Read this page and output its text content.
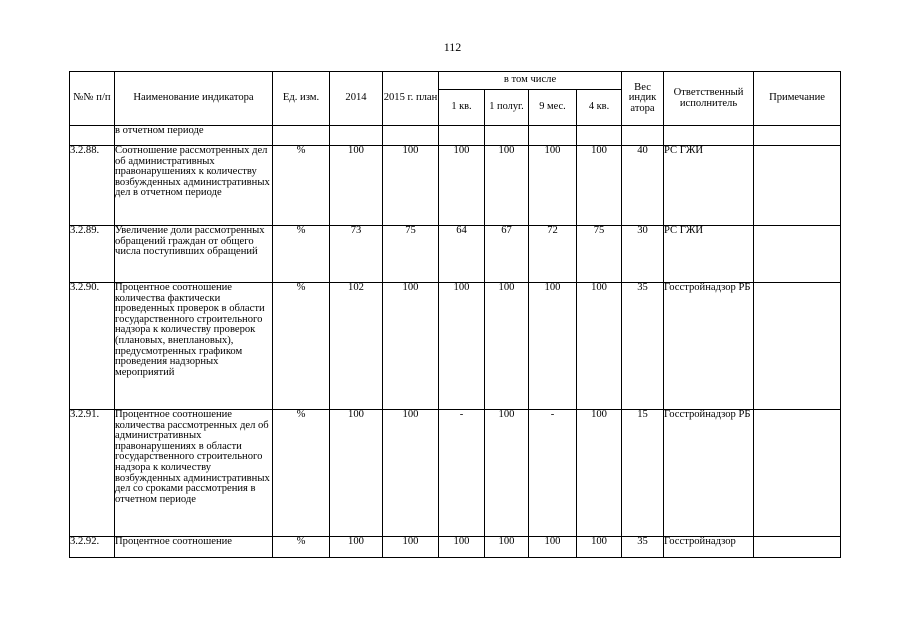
112
№№ п/п	Наименование индикатора	Ед. изм.	2014	2015 г. план	в том числе				Вес индик атора	Ответственный исполнитель	Примечание
					1 кв.	1 полуг.	9 мес.	4 кв.			
	в отчетном периоде										
3.2.88.	Соотношение рассмотренных дел об административных правонарушениях к количеству возбужденных административных дел в отчетном периоде	%	100	100	100	100	100	100	40	РС ГЖИ	
3.2.89.	Увеличение доли рассмотренных обращений граждан от общего числа поступивших обращений	%	73	75	64	67	72	75	30	РС ГЖИ	
3.2.90.	Процентное соотношение количества фактически проведенных проверок в области государственного строительного надзора к количеству проверок (плановых, внеплановых), предусмотренных графиком проведения надзорных мероприятий	%	102	100	100	100	100	100	35	Госстройнадзор РБ	
3.2.91.	Процентное соотношение количества рассмотренных дел об административных правонарушениях в области государственного строительного надзора к количеству возбужденных административных дел со сроками рассмотрения в отчетном периоде	%	100	100	-	100	-	100	15	Госстройнадзор РБ	
3.2.92.	Процентное соотношение	%	100	100	100	100	100	100	35	Госстройнадзор	
